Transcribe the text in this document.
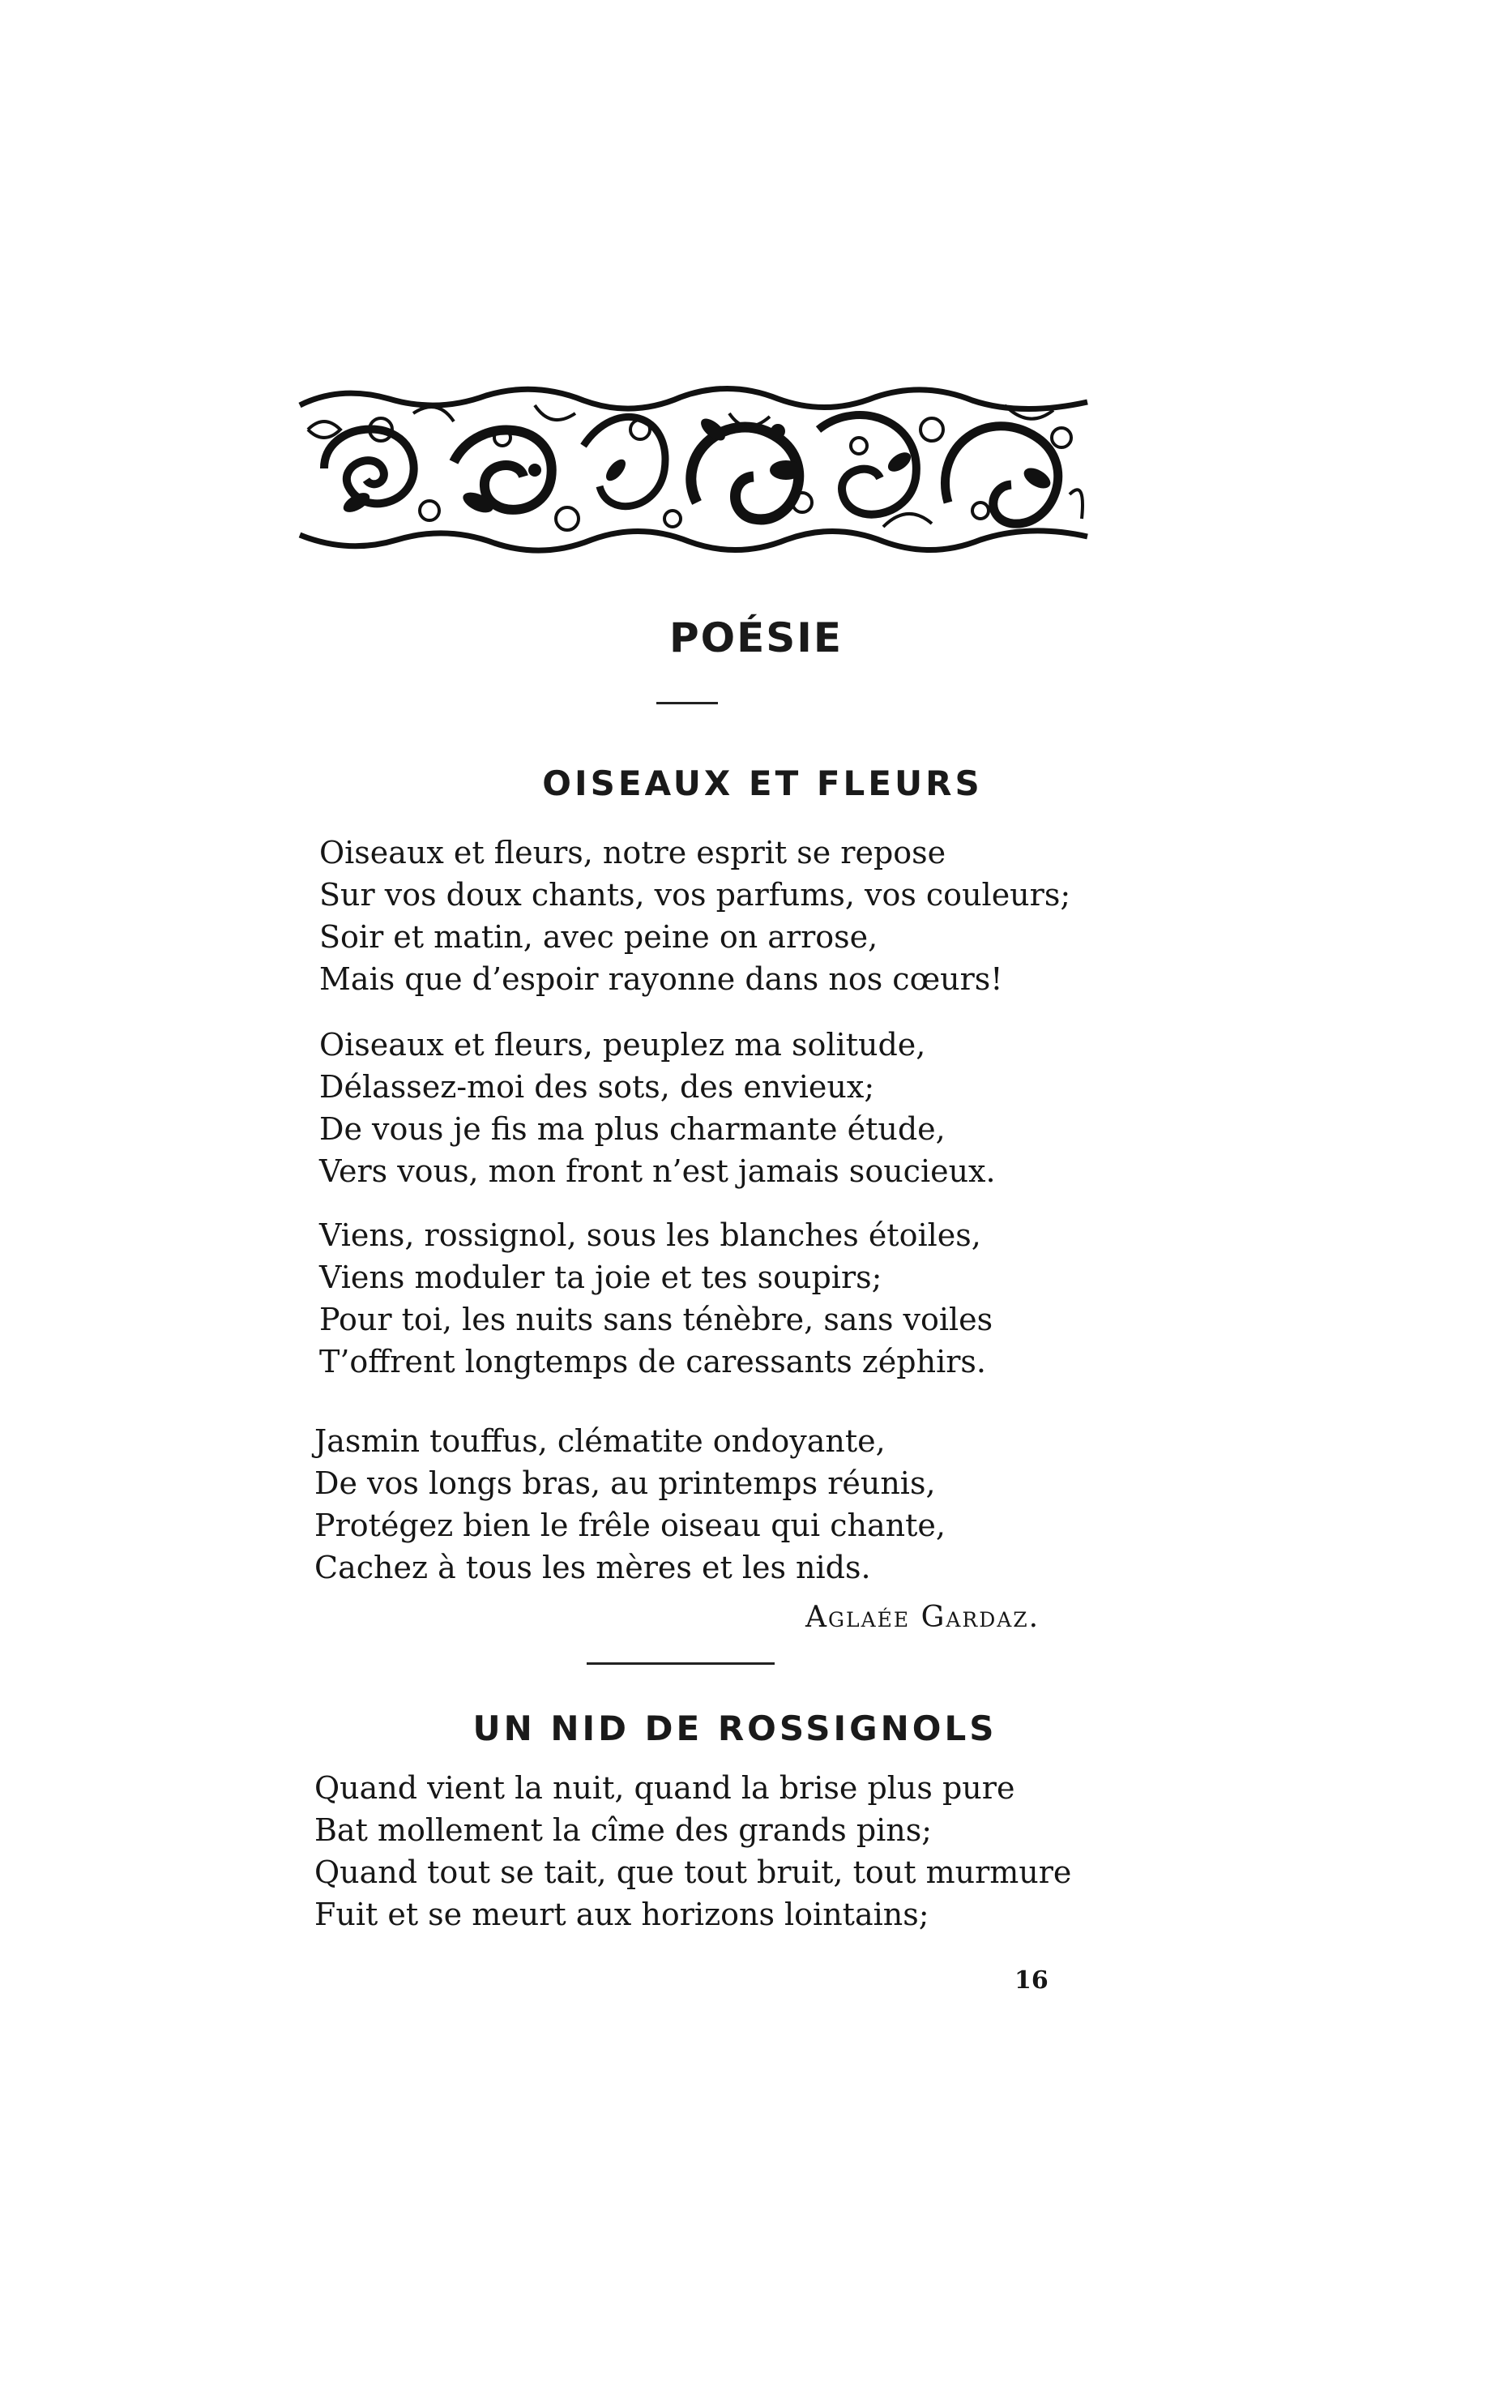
POÉSIE
OISEAUX ET FLEURS

Oiseaux et fleurs, notre esprit se repose
Sur vos doux chants, vos parfums, vos couleurs;
Soir et matin, avec peine on arrose,
Mais que d’espoir rayonne dans nos cœurs!

Oiseaux et fleurs, peuplez ma solitude,
Délassez-moi des sots, des envieux;
De vous je fis ma plus charmante étude,
Vers vous, mon front n’est jamais soucieux.

Viens, rossignol, sous les blanches étoiles,
Viens moduler ta joie et tes soupirs;
Pour toi, les nuits sans ténèbre, sans voiles
T’offrent longtemps de caressants zéphirs.

Jasmin touffus, clématite ondoyante,
De vos longs bras, au printemps réunis,
Protégez bien le frêle oiseau qui chante,
Cachez à tous les mères et les nids.

Aglaée Gardaz.
UN NID DE ROSSIGNOLS

Quand vient la nuit, quand la brise plus pure
Bat mollement la cîme des grands pins;
Quand tout se tait, que tout bruit, tout murmure
Fuit et se meurt aux horizons lointains;

16
